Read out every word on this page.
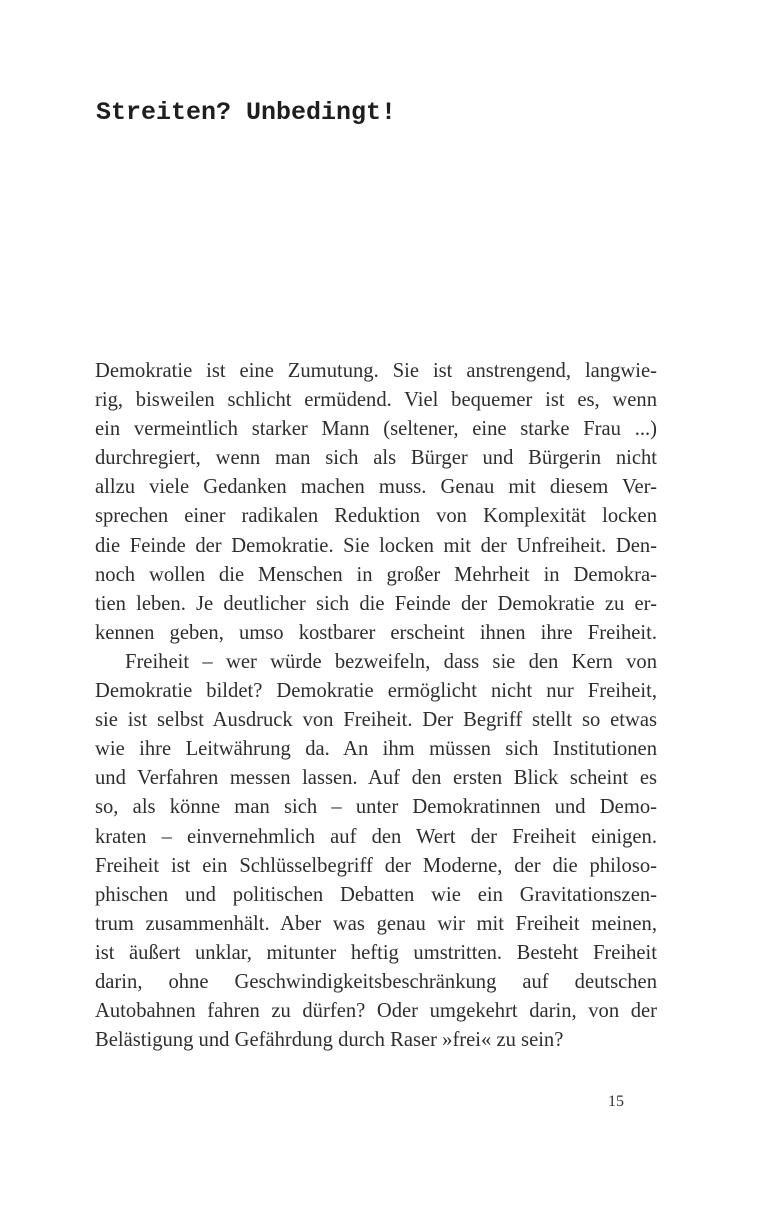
Streiten? Unbedingt!
Demokratie ist eine Zumutung. Sie ist anstrengend, langwie-
rig, bisweilen schlicht ermüdend. Viel bequemer ist es, wenn
ein vermeintlich starker Mann (seltener, eine starke Frau ...)
durchregiert, wenn man sich als Bürger und Bürgerin nicht
allzu viele Gedanken machen muss. Genau mit diesem Ver-
sprechen einer radikalen Reduktion von Komplexität locken
die Feinde der Demokratie. Sie locken mit der Unfreiheit. Den-
noch wollen die Menschen in großer Mehrheit in Demokra-
tien leben. Je deutlicher sich die Feinde der Demokratie zu er-
kennen geben, umso kostbarer erscheint ihnen ihre Freiheit.
Freiheit – wer würde bezweifeln, dass sie den Kern von
Demokratie bildet? Demokratie ermöglicht nicht nur Freiheit,
sie ist selbst Ausdruck von Freiheit. Der Begriff stellt so etwas
wie ihre Leitwährung da. An ihm müssen sich Institutionen
und Verfahren messen lassen. Auf den ersten Blick scheint es
so, als könne man sich – unter Demokratinnen und Demo-
kraten – einvernehmlich auf den Wert der Freiheit einigen.
Freiheit ist ein Schlüsselbegriff der Moderne, der die philoso-
phischen und politischen Debatten wie ein Gravitationszen-
trum zusammenhält. Aber was genau wir mit Freiheit meinen,
ist äußert unklar, mitunter heftig umstritten. Besteht Freiheit
darin, ohne Geschwindigkeitsbeschränkung auf deutschen
Autobahnen fahren zu dürfen? Oder umgekehrt darin, von der
Belästigung und Gefährdung durch Raser »frei« zu sein?
15
